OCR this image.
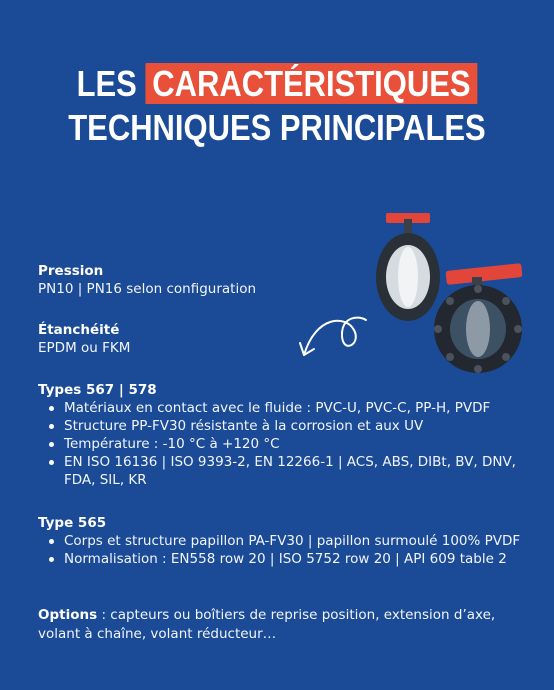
LES CARACTÉRISTIQUES
TECHNIQUES PRINCIPALES
Pression
PN10 | PN16 selon configuration
Étanchéité
EPDM ou FKM
Types 567 | 578
Matériaux en contact avec le fluide : PVC-U, PVC-C, PP-H, PVDF
Structure PP-FV30 résistante à la corrosion et aux UV
Température : -10 °C à +120 °C
EN ISO 16136 | ISO 9393-2, EN 12266-1 | ACS, ABS, DIBt, BV, DNV, FDA, SIL, KR
Type 565
Corps et structure papillon PA-FV30 | papillon surmoulé 100% PVDF
Normalisation : EN558 row 20 | ISO 5752 row 20 | API 609 table 2
Options : capteurs ou boîtiers de reprise position, extension d’axe, volant à chaîne, volant réducteur…
